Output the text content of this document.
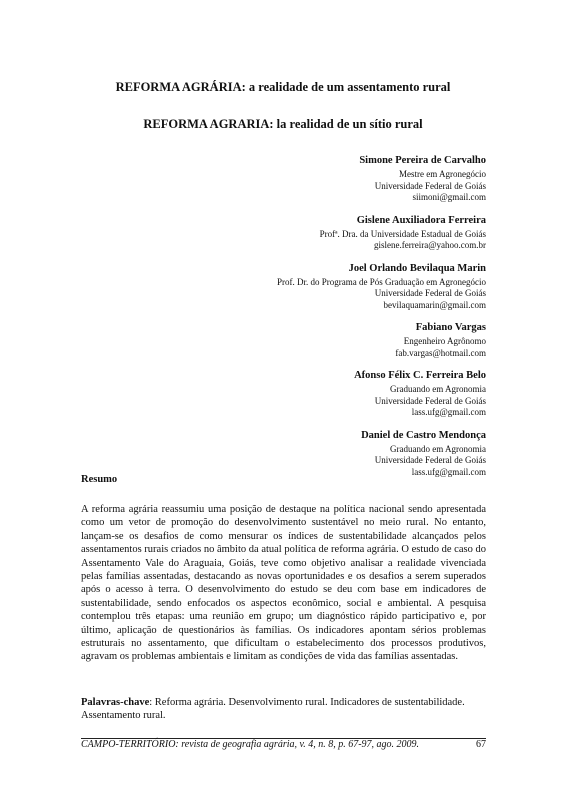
REFORMA AGRÁRIA: a realidade de um assentamento rural
REFORMA AGRARIA: la realidad de un sítio rural
Simone Pereira de Carvalho
Mestre em Agronegócio
Universidade Federal de Goiás
siimoni@gmail.com
Gislene Auxiliadora Ferreira
Profª. Dra. da Universidade Estadual de Goiás
gislene.ferreira@yahoo.com.br
Joel Orlando Bevilaqua Marin
Prof. Dr. do Programa de Pós Graduação em Agronegócio
Universidade Federal de Goiás
bevilaquamarin@gmail.com
Fabiano Vargas
Engenheiro Agrônomo
fab.vargas@hotmail.com
Afonso Félix C. Ferreira Belo
Graduando em Agronomia
Universidade Federal de Goiás
lass.ufg@gmail.com
Daniel de Castro Mendonça
Graduando em Agronomia
Universidade Federal de Goiás
lass.ufg@gmail.com
Resumo

A reforma agrária reassumiu uma posição de destaque na política nacional sendo apresentada como um vetor de promoção do desenvolvimento sustentável no meio rural. No entanto, lançam-se os desafios de como mensurar os índices de sustentabilidade alcançados pelos assentamentos rurais criados no âmbito da atual política de reforma agrária. O estudo de caso do Assentamento Vale do Araguaia, Goiás, teve como objetivo analisar a realidade vivenciada pelas famílias assentadas, destacando as novas oportunidades e os desafios a serem superados após o acesso à terra. O desenvolvimento do estudo se deu com base em indicadores de sustentabilidade, sendo enfocados os aspectos econômico, social e ambiental. A pesquisa contemplou três etapas: uma reunião em grupo; um diagnóstico rápido participativo e, por último, aplicação de questionários às famílias. Os indicadores apontam sérios problemas estruturais no assentamento, que dificultam o estabelecimento dos processos produtivos, agravam os problemas ambientais e limitam as condições de vida das famílias assentadas.

Palavras-chave: Reforma agrária. Desenvolvimento rural. Indicadores de sustentabilidade. Assentamento rural.

CAMPO-TERRITÓRIO: revista de geografia agrária, v. 4, n. 8, p. 67-97, ago. 2009.	67
